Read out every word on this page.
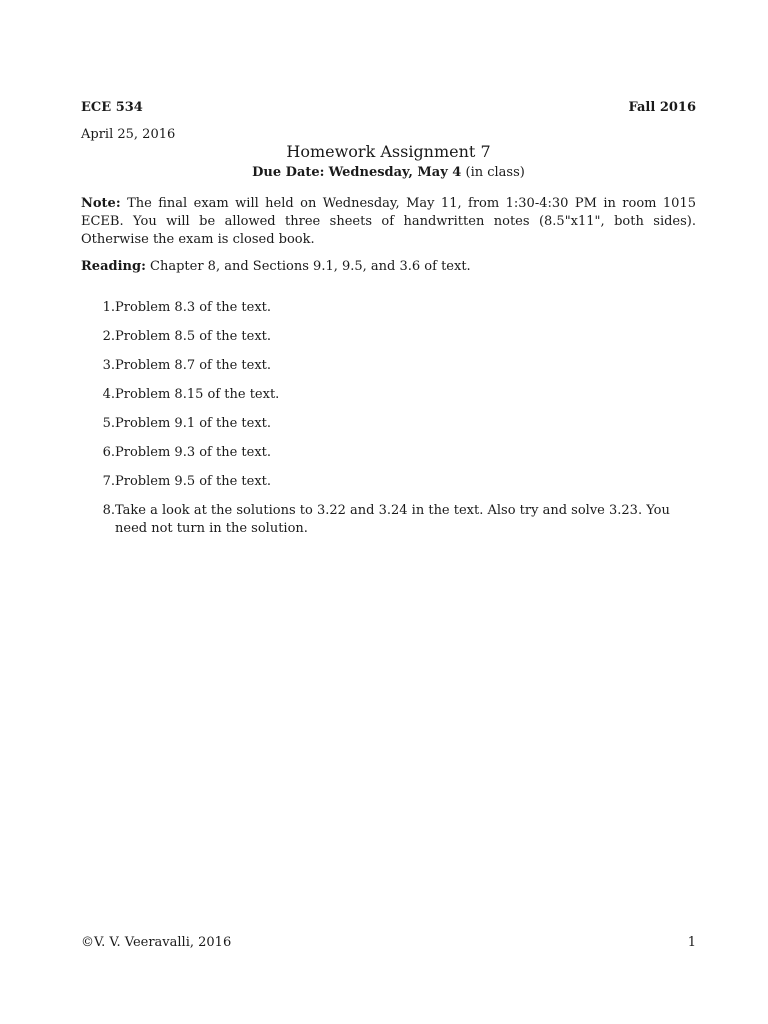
ECE 534	Fall 2016
April 25, 2016
Homework Assignment 7
Due Date: Wednesday, May 4 (in class)
Note: The final exam will held on Wednesday, May 11, from 1:30-4:30 PM in room 1015 ECEB. You will be allowed three sheets of handwritten notes (8.5"x11", both sides). Otherwise the exam is closed book.
Reading: Chapter 8, and Sections 9.1, 9.5, and 3.6 of text.
1. Problem 8.3 of the text.
2. Problem 8.5 of the text.
3. Problem 8.7 of the text.
4. Problem 8.15 of the text.
5. Problem 9.1 of the text.
6. Problem 9.3 of the text.
7. Problem 9.5 of the text.
8. Take a look at the solutions to 3.22 and 3.24 in the text. Also try and solve 3.23. You need not turn in the solution.
©V. V. Veeravalli, 2016	1
